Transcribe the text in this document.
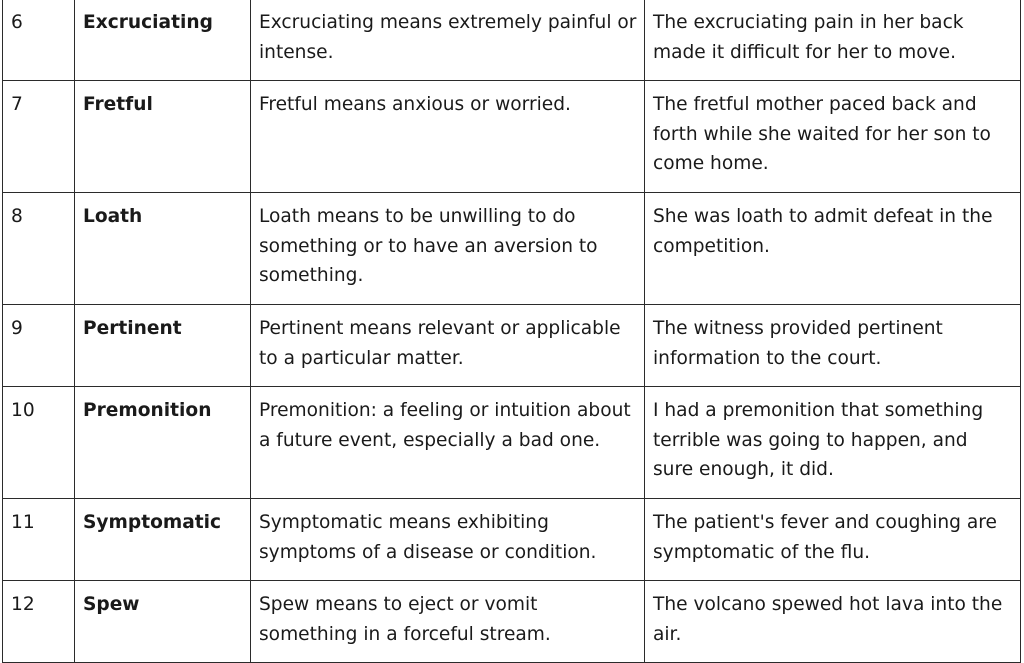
6	Excruciating	Excruciating means extremely painful or intense.	The excruciating pain in her back made it difficult for her to move.
7	Fretful	Fretful means anxious or worried.	The fretful mother paced back and forth while she waited for her son to come home.
8	Loath	Loath means to be unwilling to do something or to have an aversion to something.	She was loath to admit defeat in the competition.
9	Pertinent	Pertinent means relevant or applicable to a particular matter.	The witness provided pertinent information to the court.
10	Premonition	Premonition: a feeling or intuition about a future event, especially a bad one.	I had a premonition that something terrible was going to happen, and sure enough, it did.
11	Symptomatic	Symptomatic means exhibiting symptoms of a disease or condition.	The patient's fever and coughing are symptomatic of the flu.
12	Spew	Spew means to eject or vomit something in a forceful stream.	The volcano spewed hot lava into the air.
